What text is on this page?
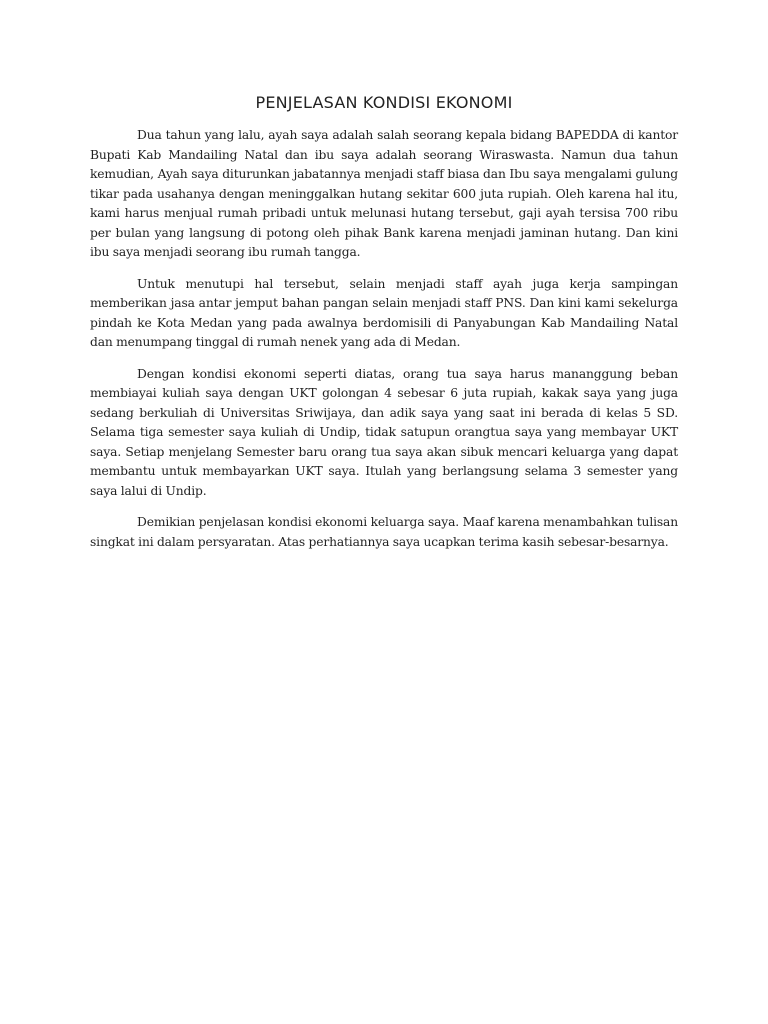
PENJELASAN KONDISI EKONOMI

Dua tahun yang lalu, ayah saya adalah salah seorang kepala bidang BAPEDDA di kantor Bupati Kab Mandailing Natal dan ibu saya adalah seorang Wiraswasta. Namun dua tahun kemudian, Ayah saya diturunkan jabatannya menjadi staff biasa dan Ibu saya mengalami gulung tikar pada usahanya dengan meninggalkan hutang sekitar 600 juta rupiah. Oleh karena hal itu, kami harus menjual rumah pribadi untuk melunasi hutang tersebut, gaji ayah tersisa 700 ribu per bulan yang langsung di potong oleh pihak Bank karena menjadi jaminan hutang. Dan kini ibu saya menjadi seorang ibu rumah tangga.

Untuk menutupi hal tersebut, selain menjadi staff ayah juga kerja sampingan memberikan jasa antar jemput bahan pangan selain menjadi staff PNS. Dan kini kami sekelurga pindah ke Kota Medan yang pada awalnya berdomisili di Panyabungan Kab Mandailing Natal dan menumpang tinggal di rumah nenek yang ada di Medan.

Dengan kondisi ekonomi seperti diatas, orang tua saya harus mananggung beban membiayai kuliah saya dengan UKT golongan 4 sebesar 6 juta rupiah, kakak saya yang juga sedang berkuliah di Universitas Sriwijaya, dan adik saya yang saat ini berada di kelas 5 SD. Selama tiga semester saya kuliah di Undip, tidak satupun orangtua saya yang membayar UKT saya. Setiap menjelang Semester baru orang tua saya akan sibuk mencari keluarga yang dapat membantu untuk membayarkan UKT saya. Itulah yang berlangsung selama 3 semester yang saya lalui di Undip.

Demikian penjelasan kondisi ekonomi keluarga saya. Maaf karena menambahkan tulisan singkat ini dalam persyaratan. Atas perhatiannya saya ucapkan terima kasih sebesar-besarnya.
